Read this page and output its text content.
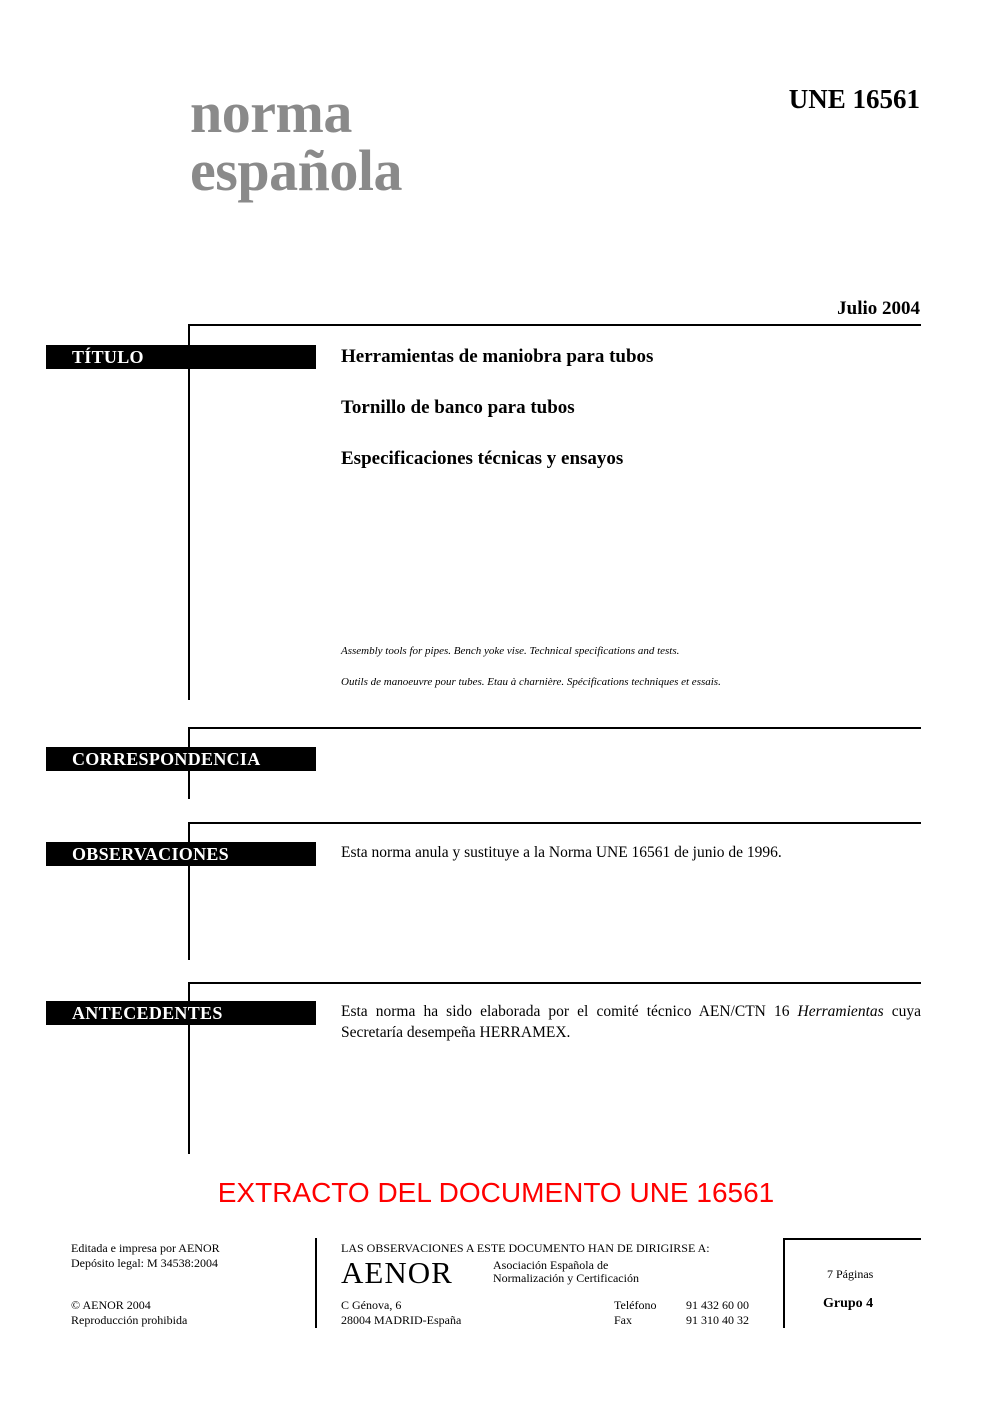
norma
española
UNE 16561
Julio 2004
TÍTULO	Herramientas de maniobra para tubos
Tornillo de banco para tubos
Especificaciones técnicas y ensayos
Assembly tools for pipes. Bench yoke vise. Technical specifications and tests.
Outils de manoeuvre pour tubes. Etau à charnière. Spécifications techniques et essais.
CORRESPONDENCIA
OBSERVACIONES	Esta norma anula y sustituye a la Norma UNE 16561 de junio de 1996.
ANTECEDENTES	Esta norma ha sido elaborada por el comité técnico AEN/CTN 16 Herramientas cuya Secretaría desempeña HERRAMEX.
EXTRACTO DEL DOCUMENTO UNE 16561
Editada e impresa por AENOR
Depósito legal: M 34538:2004
© AENOR 2004
Reproducción prohibida
LAS OBSERVACIONES A ESTE DOCUMENTO HAN DE DIRIGIRSE A:
AENOR	Asociación Española de
Normalización y Certificación
C Génova, 6
28004 MADRID-España
Teléfono 91 432 60 00
Fax	91 310 40 32
7 Páginas
Grupo 4
